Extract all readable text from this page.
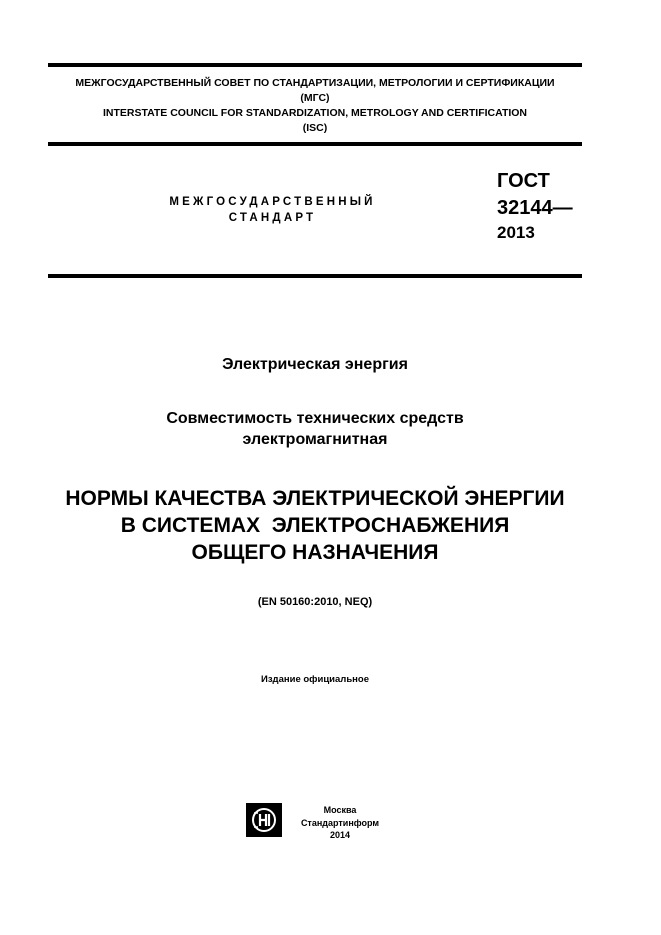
МЕЖГОСУДАРСТВЕННЫЙ СОВЕТ ПО СТАНДАРТИЗАЦИИ, МЕТРОЛОГИИ И СЕРТИФИКАЦИИ
(МГС)
INTERSTATE COUNCIL FOR STANDARDIZATION, METROLOGY AND CERTIFICATION
(ISC)
МЕЖГОСУДАРСТВЕННЫЙ
СТАНДАРТ
ГОСТ
32144—
2013
Электрическая энергия
Совместимость технических средств
электромагнитная
НОРМЫ КАЧЕСТВА ЭЛЕКТРИЧЕСКОЙ ЭНЕРГИИ
В СИСТЕМАХ  ЭЛЕКТРОСНАБЖЕНИЯ
ОБЩЕГО НАЗНАЧЕНИЯ
(EN 50160:2010, NEQ)
Издание официальное
Москва
Стандартинформ
2014
